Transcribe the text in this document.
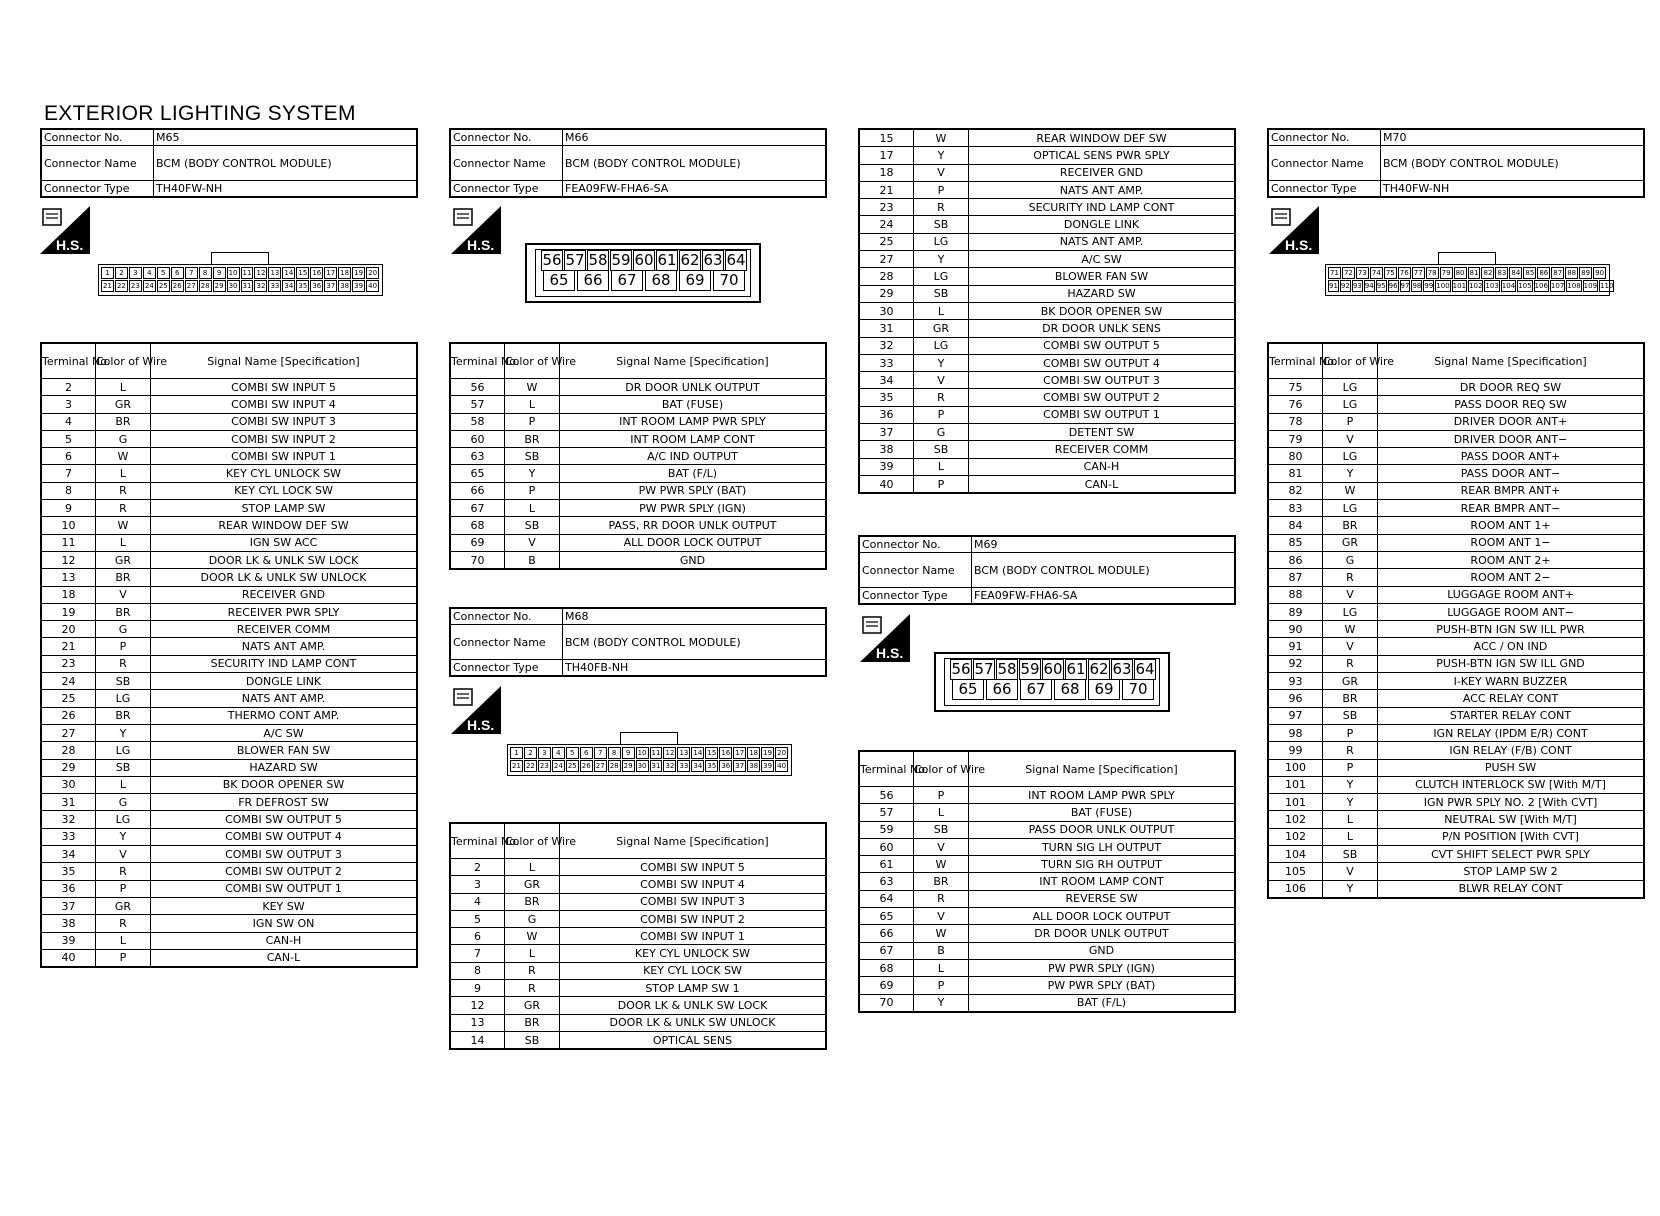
EXTERIOR LIGHTING SYSTEM
Connector No.	M65
Connector Name	BCM (BODY CONTROL MODULE)
Connector Type	TH40FW-NH
H.S.
1	2	3	4	5	6	7	8	9	10 11 12 13 14 15 16 17 18 19 20
21 22 23 24 25 26 27 28 29 30 31 32 33 34 35 36 37 38 39 40
Terminal No.	Color of Wire	Signal Name [Specification]
2	L	COMBI SW INPUT 5
3	GR	COMBI SW INPUT 4
4	BR	COMBI SW INPUT 3
5	G	COMBI SW INPUT 2
6	W	COMBI SW INPUT 1
7	L	KEY CYL UNLOCK SW
8	R	KEY CYL LOCK SW
9	R	STOP LAMP SW
10	W	REAR WINDOW DEF SW
11	L	IGN SW ACC
12	GR	DOOR LK & UNLK SW LOCK
13	BR	DOOR LK & UNLK SW UNLOCK
18	V	RECEIVER GND
19	BR	RECEIVER PWR SPLY
20	G	RECEIVER COMM
21	P	NATS ANT AMP.
23	R	SECURITY IND LAMP CONT
24	SB	DONGLE LINK
25	LG	NATS ANT AMP.
26	BR	THERMO CONT AMP.
27	Y	A/C SW
28	LG	BLOWER FAN SW
29	SB	HAZARD SW
30	L	BK DOOR OPENER SW
31	G	FR DEFROST SW
32	LG	COMBI SW OUTPUT 5
33	Y	COMBI SW OUTPUT 4
34	V	COMBI SW OUTPUT 3
35	R	COMBI SW OUTPUT 2
36	P	COMBI SW OUTPUT 1
37	GR	KEY SW
38	R	IGN SW ON
39	L	CAN-H
40	P	CAN-L
Connector No.	M66
Connector Name	BCM (BODY CONTROL MODULE)
Connector Type	FEA09FW-FHA6-SA
H.S.
56 57 58 59 60 61 62 63 64
65 66 67 68 69 70
Terminal No.	Color of Wire	Signal Name [Specification]
56	W	DR DOOR UNLK OUTPUT
57	L	BAT (FUSE)
58	P	INT ROOM LAMP PWR SPLY
60	BR	INT ROOM LAMP CONT
63	SB	A/C IND OUTPUT
65	Y	BAT (F/L)
66	P	PW PWR SPLY (BAT)
67	L	PW PWR SPLY (IGN)
68	SB	PASS, RR DOOR UNLK OUTPUT
69	V	ALL DOOR LOCK OUTPUT
70	B	GND
Connector No.	M68
Connector Name	BCM (BODY CONTROL MODULE)
Connector Type	TH40FB-NH
H.S.
1	2	3	4	5	6	7	8	9	10 11 12 13 14 15 16 17 18 19 20
21 22 23 24 25 26 27 28 29 30 31 32 33 34 35 36 37 38 39 40
Terminal No.	Color of Wire	Signal Name [Specification]
2	L	COMBI SW INPUT 5
3	GR	COMBI SW INPUT 4
4	BR	COMBI SW INPUT 3
5	G	COMBI SW INPUT 2
6	W	COMBI SW INPUT 1
7	L	KEY CYL UNLOCK SW
8	R	KEY CYL LOCK SW
9	R	STOP LAMP SW 1
12	GR	DOOR LK & UNLK SW LOCK
13	BR	DOOR LK & UNLK SW UNLOCK
14	SB	OPTICAL SENS
15	W	REAR WINDOW DEF SW
17	Y	OPTICAL SENS PWR SPLY
18	V	RECEIVER GND
21	P	NATS ANT AMP.
23	R	SECURITY IND LAMP CONT
24	SB	DONGLE LINK
25	LG	NATS ANT AMP.
27	Y	A/C SW
28	LG	BLOWER FAN SW
29	SB	HAZARD SW
30	L	BK DOOR OPENER SW
31	GR	DR DOOR UNLK SENS
32	LG	COMBI SW OUTPUT 5
33	Y	COMBI SW OUTPUT 4
34	V	COMBI SW OUTPUT 3
35	R	COMBI SW OUTPUT 2
36	P	COMBI SW OUTPUT 1
37	G	DETENT SW
38	SB	RECEIVER COMM
39	L	CAN-H
40	P	CAN-L
Connector No.	M69
Connector Name	BCM (BODY CONTROL MODULE)
Connector Type	FEA09FW-FHA6-SA
H.S.
56 57 58 59 60 61 62 63 64
65 66 67 68 69 70
Terminal No.	Color of Wire	Signal Name [Specification]
56	P	INT ROOM LAMP PWR SPLY
57	L	BAT (FUSE)
59	SB	PASS DOOR UNLK OUTPUT
60	V	TURN SIG LH OUTPUT
61	W	TURN SIG RH OUTPUT
63	BR	INT ROOM LAMP CONT
64	R	REVERSE SW
65	V	ALL DOOR LOCK OUTPUT
66	W	DR DOOR UNLK OUTPUT
67	B	GND
68	L	PW PWR SPLY (IGN)
69	P	PW PWR SPLY (BAT)
70	Y	BAT (F/L)
Connector No.	M70
Connector Name	BCM (BODY CONTROL MODULE)
Connector Type	TH40FW-NH
H.S.
71 72 73 74 75 76 77 78 79 80 81 82 83 84 85 86 87 88 89 90
91 92 93 94 95 96 97 98 99 100 101 102 103 104 105 106 107 108 109 110
Terminal No.	Color of Wire	Signal Name [Specification]
75	LG	DR DOOR REQ SW
76	LG	PASS DOOR REQ SW
78	P	DRIVER DOOR ANT+
79	V	DRIVER DOOR ANT−
80	LG	PASS DOOR ANT+
81	Y	PASS DOOR ANT−
82	W	REAR BMPR ANT+
83	LG	REAR BMPR ANT−
84	BR	ROOM ANT 1+
85	GR	ROOM ANT 1−
86	G	ROOM ANT 2+
87	R	ROOM ANT 2−
88	V	LUGGAGE ROOM ANT+
89	LG	LUGGAGE ROOM ANT−
90	W	PUSH-BTN IGN SW ILL PWR
91	V	ACC / ON IND
92	R	PUSH-BTN IGN SW ILL GND
93	GR	I-KEY WARN BUZZER
96	BR	ACC RELAY CONT
97	SB	STARTER RELAY CONT
98	P	IGN RELAY (IPDM E/R) CONT
99	R	IGN RELAY (F/B) CONT
100	P	PUSH SW
101	Y	CLUTCH INTERLOCK SW [With M/T]
101	Y	IGN PWR SPLY NO. 2 [With CVT]
102	L	NEUTRAL SW [With M/T]
102	L	P/N POSITION [With CVT]
104	SB	CVT SHIFT SELECT PWR SPLY
105	V	STOP LAMP SW 2
106	Y	BLWR RELAY CONT
